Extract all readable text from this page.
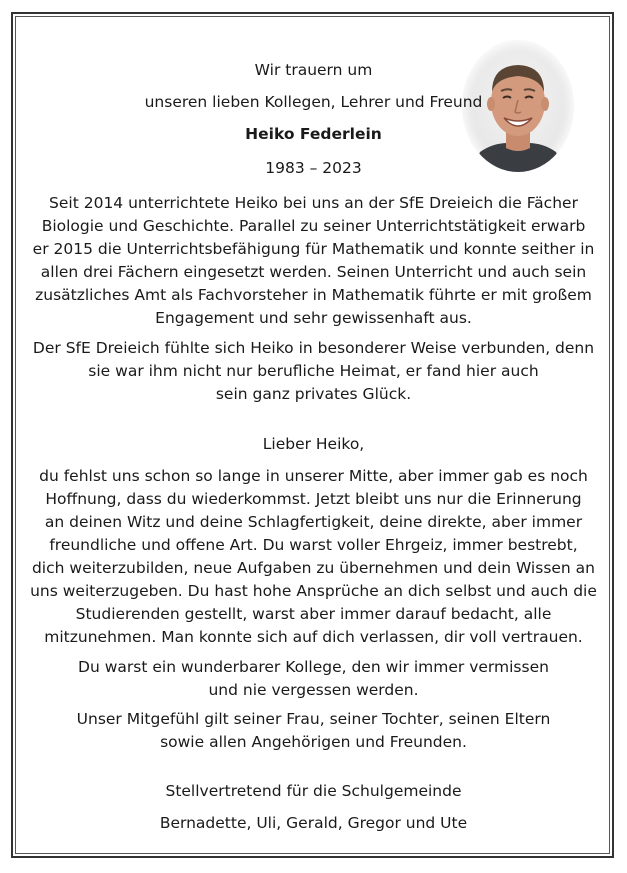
Wir trauern um
unseren lieben Kollegen, Lehrer und Freund
Heiko Federlein
1983 – 2023
Seit 2014 unterrichtete Heiko bei uns an der SfE Dreieich die Fächer
Biologie und Geschichte. Parallel zu seiner Unterrichtstätigkeit erwarb
er 2015 die Unterrichtsbefähigung für Mathematik und konnte seither in
allen drei Fächern eingesetzt werden. Seinen Unterricht und auch sein
zusätzliches Amt als Fachvorsteher in Mathematik führte er mit großem
Engagement und sehr gewissenhaft aus.
Der SfE Dreieich fühlte sich Heiko in besonderer Weise verbunden, denn
sie war ihm nicht nur berufliche Heimat, er fand hier auch
sein ganz privates Glück.
Lieber Heiko,
du fehlst uns schon so lange in unserer Mitte, aber immer gab es noch
Hoffnung, dass du wiederkommst. Jetzt bleibt uns nur die Erinnerung
an deinen Witz und deine Schlagfertigkeit, deine direkte, aber immer
freundliche und offene Art. Du warst voller Ehrgeiz, immer bestrebt,
dich weiterzubilden, neue Aufgaben zu übernehmen und dein Wissen an
uns weiterzugeben. Du hast hohe Ansprüche an dich selbst und auch die
Studierenden gestellt, warst aber immer darauf bedacht, alle
mitzunehmen. Man konnte sich auf dich verlassen, dir voll vertrauen.
Du warst ein wunderbarer Kollege, den wir immer vermissen
und nie vergessen werden.
Unser Mitgefühl gilt seiner Frau, seiner Tochter, seinen Eltern
sowie allen Angehörigen und Freunden.
Stellvertretend für die Schulgemeinde
Bernadette, Uli, Gerald, Gregor und Ute
